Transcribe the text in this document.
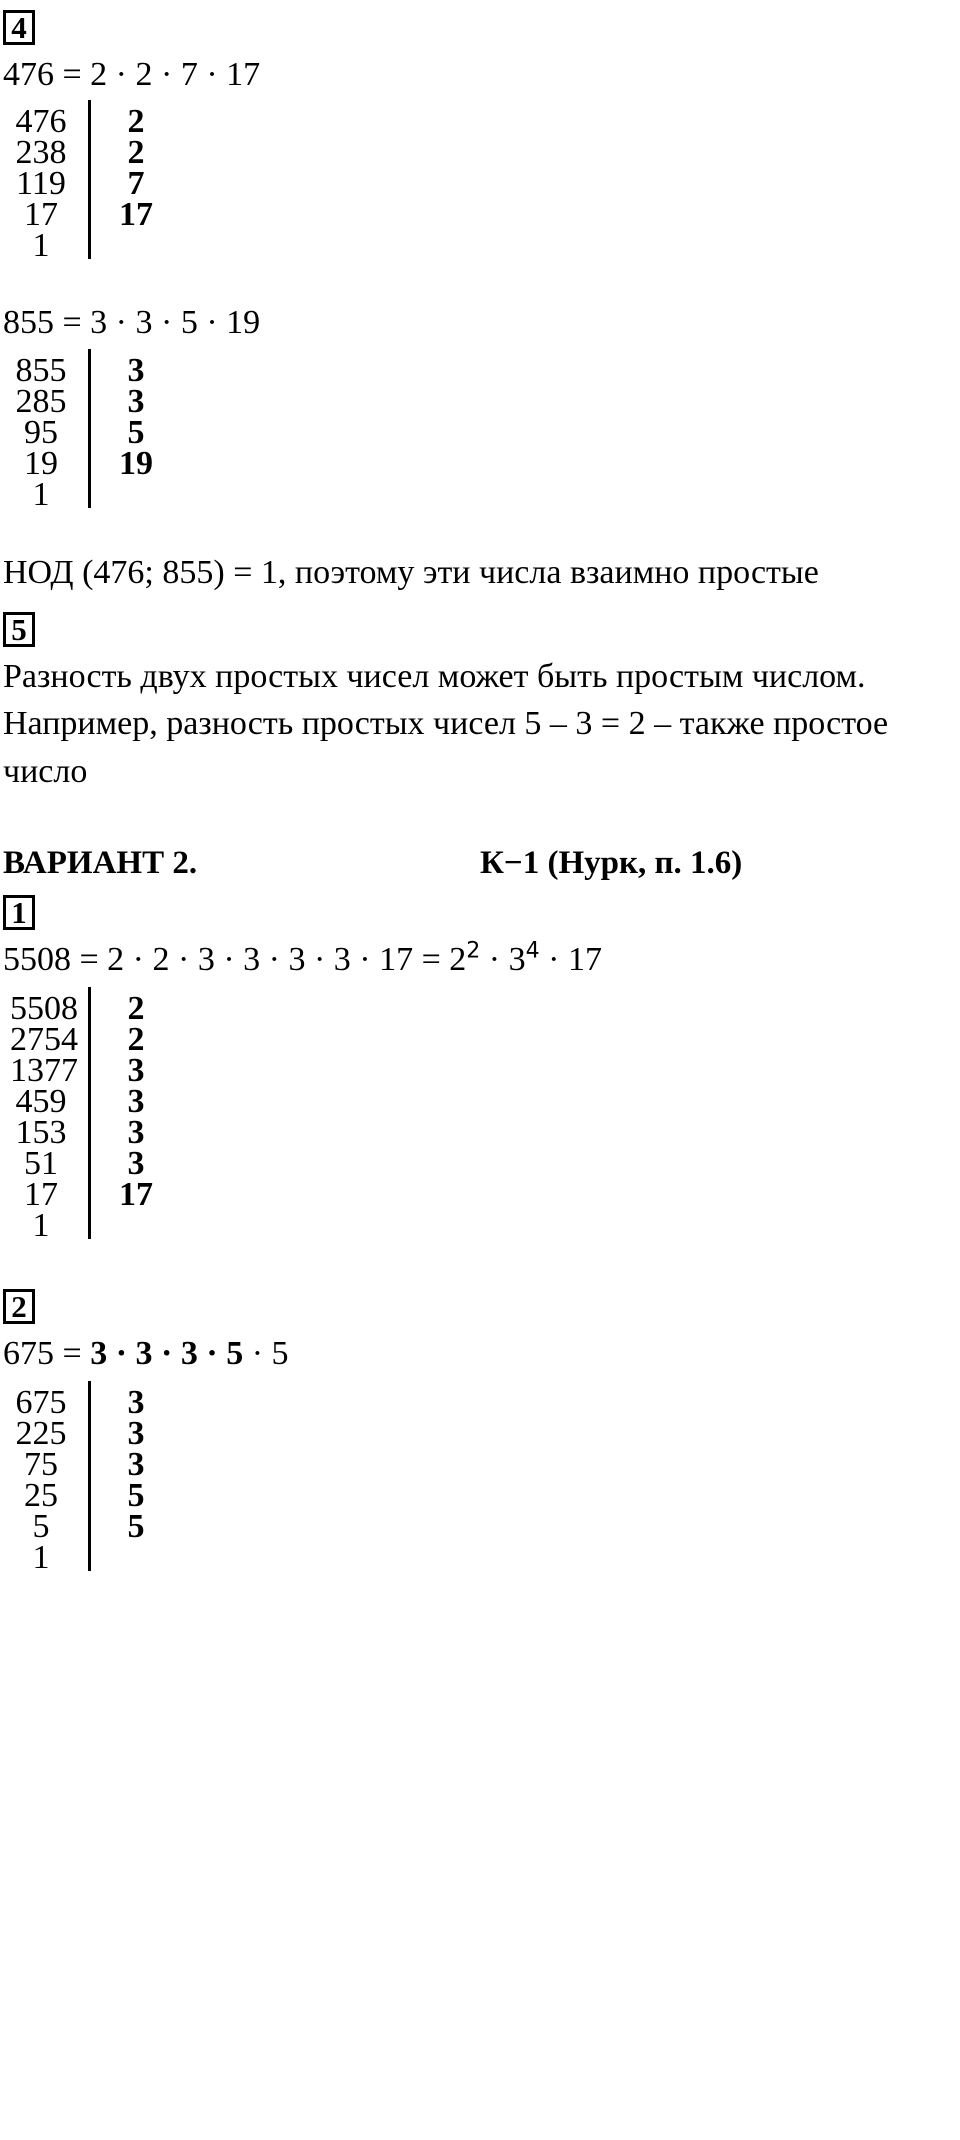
4
476 = 2 · 2 · 7 · 17
476	2
238	2
119	7
17	17
1
855 = 3 · 3 · 5 · 19
855	3
285	3
95	5
19	19
1
НОД (476; 855) = 1, поэтому эти числа взаимно простые
5
Разность двух простых чисел может быть простым числом.
Например, разность простых чисел 5 – 3 = 2 – также простое
число
ВАРИАНТ 2.	К−1 (Нурк, п. 1.6)
1
$5508 = 2 \cdot 2 \cdot 3 \cdot 3 \cdot 3 \cdot 3 \cdot 17 = 2^2 \cdot 3^4 \cdot 17$
5508	2
2754	2
1377	3
459	3
153	3
51	3
17	17
1
2
675 = 3 · 3 · 3 · 5 · 5
675	3
225	3
75	3
25	5
5	5
1
